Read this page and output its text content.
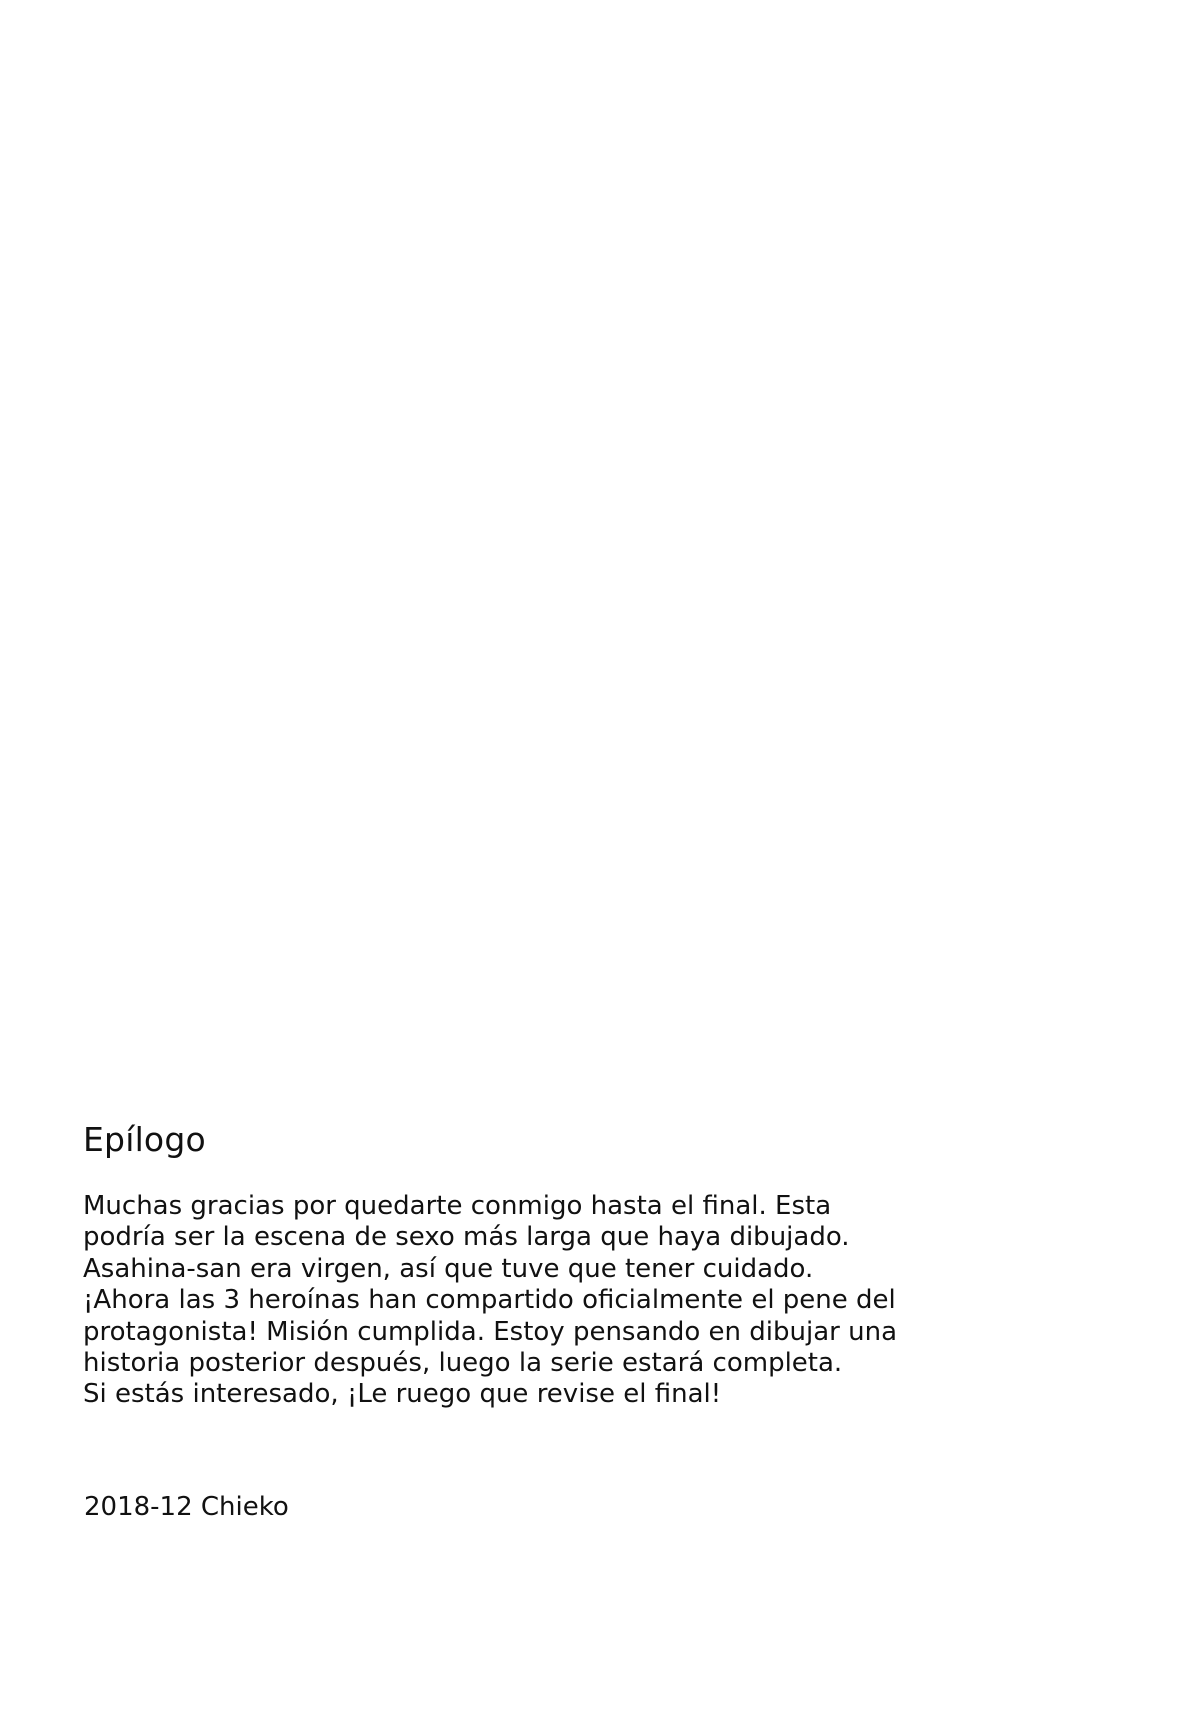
Epílogo

Muchas gracias por quedarte conmigo hasta el final. Esta

podría ser la escena de sexo más larga que haya dibujado.

Asahina-san era virgen, así que tuve que tener cuidado.

¡Ahora las 3 heroínas han compartido oficialmente el pene del

protagonista! Misión cumplida. Estoy pensando en dibujar una

historia posterior después, luego la serie estará completa.

Si estás interesado, ¡Le ruego que revise el final!

2018-12 Chieko
